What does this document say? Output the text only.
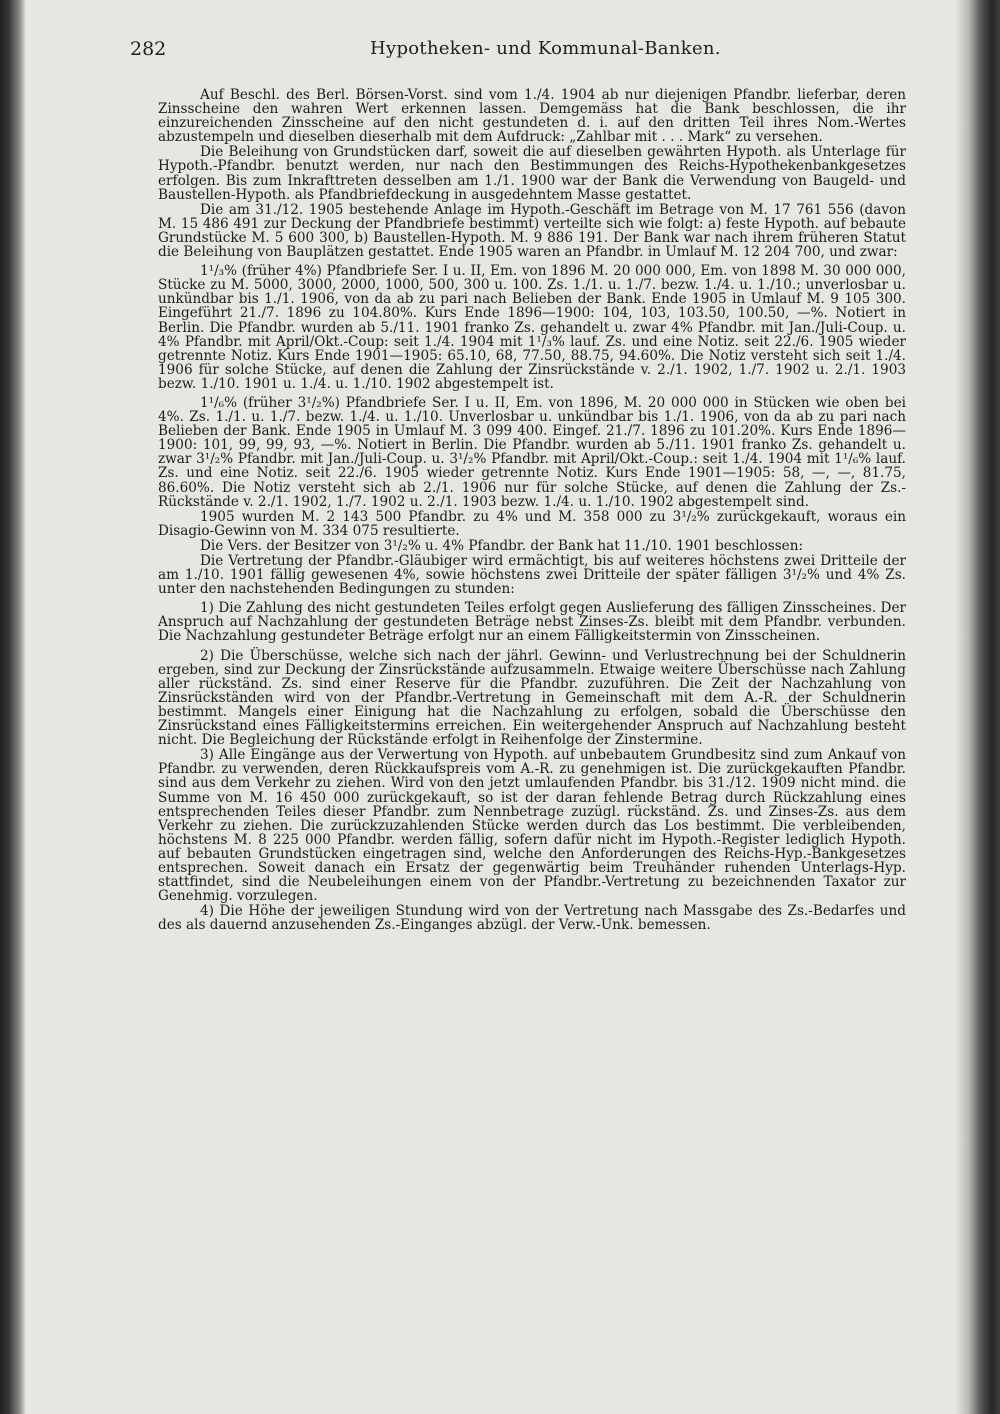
282	Hypotheken- und Kommunal-Banken.

Auf Beschl. des Berl. Börsen-Vorst. sind vom 1./4. 1904 ab nur diejenigen Pfandbr. lieferbar, deren Zinsscheine den wahren Wert erkennen lassen. Demgemäss hat die Bank beschlossen, die ihr einzureichenden Zinsscheine auf den nicht gestundeten d. i. auf den dritten Teil ihres Nom.-Wertes abzustempeln und dieselben dieserhalb mit dem Aufdruck: „Zahlbar mit . . . Mark“ zu versehen.

Die Beleihung von Grundstücken darf, soweit die auf dieselben gewährten Hypoth. als Unterlage für Hypoth.-Pfandbr. benutzt werden, nur nach den Bestimmungen des Reichs-Hypothekenbankgesetzes erfolgen. Bis zum Inkrafttreten desselben am 1./1. 1900 war der Bank die Verwendung von Baugeld- und Baustellen-Hypoth. als Pfandbriefdeckung in ausgedehntem Masse gestattet.

Die am 31./12. 1905 bestehende Anlage im Hypoth.-Geschäft im Betrage von M. 17 761 556 (davon M. 15 486 491 zur Deckung der Pfandbriefe bestimmt) verteilte sich wie folgt: a) feste Hypoth. auf bebaute Grundstücke M. 5 600 300, b) Baustellen-Hypoth. M. 9 886 191. Der Bank war nach ihrem früheren Statut die Beleihung von Bauplätzen gestattet. Ende 1905 waren an Pfandbr. in Umlauf M. 12 204 700, und zwar:

1¹/₃% (früher 4%) Pfandbriefe Ser. I u. II, Em. von 1896 M. 20 000 000, Em. von 1898 M. 30 000 000, Stücke zu M. 5000, 3000, 2000, 1000, 500, 300 u. 100. Zs. 1./1. u. 1./7. bezw. 1./4. u. 1./10.; unverlosbar u. unkündbar bis 1./1. 1906, von da ab zu pari nach Belieben der Bank. Ende 1905 in Umlauf M. 9 105 300. Eingeführt 21./7. 1896 zu 104.80%. Kurs Ende 1896—1900: 104, 103, 103.50, 100.50, —%. Notiert in Berlin. Die Pfandbr. wurden ab 5./11. 1901 franko Zs. gehandelt u. zwar 4% Pfandbr. mit Jan./Juli-Coup. u. 4% Pfandbr. mit April/Okt.-Coup: seit 1./4. 1904 mit 1¹/₃% lauf. Zs. und eine Notiz. seit 22./6. 1905 wieder getrennte Notiz. Kurs Ende 1901—1905: 65.10, 68, 77.50, 88.75, 94.60%. Die Notiz versteht sich seit 1./4. 1906 für solche Stücke, auf denen die Zahlung der Zinsrückstände v. 2./1. 1902, 1./7. 1902 u. 2./1. 1903 bezw. 1./10. 1901 u. 1./4. u. 1./10. 1902 abgestempelt ist.

1¹/₆% (früher 3¹/₂%) Pfandbriefe Ser. I u. II, Em. von 1896, M. 20 000 000 in Stücken wie oben bei 4%. Zs. 1./1. u. 1./7. bezw. 1./4. u. 1./10. Unverlosbar u. unkündbar bis 1./1. 1906, von da ab zu pari nach Belieben der Bank. Ende 1905 in Umlauf M. 3 099 400. Eingef. 21./7. 1896 zu 101.20%. Kurs Ende 1896—1900: 101, 99, 99, 93, —%. Notiert in Berlin. Die Pfandbr. wurden ab 5./11. 1901 franko Zs. gehandelt u. zwar 3¹/₂% Pfandbr. mit Jan./Juli-Coup. u. 3¹/₂% Pfandbr. mit April/Okt.-Coup.: seit 1./4. 1904 mit 1¹/₆% lauf. Zs. und eine Notiz. seit 22./6. 1905 wieder getrennte Notiz. Kurs Ende 1901—1905: 58, —, —, 81.75, 86.60%. Die Notiz versteht sich ab 2./1. 1906 nur für solche Stücke, auf denen die Zahlung der Zs.-Rückstände v. 2./1. 1902, 1./7. 1902 u. 2./1. 1903 bezw. 1./4. u. 1./10. 1902 abgestempelt sind.

1905 wurden M. 2 143 500 Pfandbr. zu 4% und M. 358 000 zu 3¹/₂% zurückgekauft, woraus ein Disagio-Gewinn von M. 334 075 resultierte.

Die Vers. der Besitzer von 3¹/₂% u. 4% Pfandbr. der Bank hat 11./10. 1901 beschlossen:

Die Vertretung der Pfandbr.-Gläubiger wird ermächtigt, bis auf weiteres höchstens zwei Dritteile der am 1./10. 1901 fällig gewesenen 4%, sowie höchstens zwei Dritteile der später fälligen 3¹/₂% und 4% Zs. unter den nachstehenden Bedingungen zu stunden:

1) Die Zahlung des nicht gestundeten Teiles erfolgt gegen Auslieferung des fälligen Zinsscheines. Der Anspruch auf Nachzahlung der gestundeten Beträge nebst Zinses-Zs. bleibt mit dem Pfandbr. verbunden. Die Nachzahlung gestundeter Beträge erfolgt nur an einem Fälligkeitstermin von Zinsscheinen.

2) Die Überschüsse, welche sich nach der jährl. Gewinn- und Verlustrechnung bei der Schuldnerin ergeben, sind zur Deckung der Zinsrückstände aufzusammeln. Etwaige weitere Überschüsse nach Zahlung aller rückständ. Zs. sind einer Reserve für die Pfandbr. zuzuführen. Die Zeit der Nachzahlung von Zinsrückständen wird von der Pfandbr.-Vertretung in Gemeinschaft mit dem A.-R. der Schuldnerin bestimmt. Mangels einer Einigung hat die Nachzahlung zu erfolgen, sobald die Überschüsse den Zinsrückstand eines Fälligkeitstermins erreichen. Ein weitergehender Anspruch auf Nachzahlung besteht nicht. Die Begleichung der Rückstände erfolgt in Reihenfolge der Zinstermine.

3) Alle Eingänge aus der Verwertung von Hypoth. auf unbebautem Grundbesitz sind zum Ankauf von Pfandbr. zu verwenden, deren Rückkaufspreis vom A.-R. zu genehmigen ist. Die zurückgekauften Pfandbr. sind aus dem Verkehr zu ziehen. Wird von den jetzt umlaufenden Pfandbr. bis 31./12. 1909 nicht mind. die Summe von M. 16 450 000 zurückgekauft, so ist der daran fehlende Betrag durch Rückzahlung eines entsprechenden Teiles dieser Pfandbr. zum Nennbetrage zuzügl. rückständ. Zs. und Zinses-Zs. aus dem Verkehr zu ziehen. Die zurückzuzahlenden Stücke werden durch das Los bestimmt. Die verbleibenden, höchstens M. 8 225 000 Pfandbr. werden fällig, sofern dafür nicht im Hypoth.-Register lediglich Hypoth. auf bebauten Grundstücken eingetragen sind, welche den Anforderungen des Reichs-Hyp.-Bankgesetzes entsprechen. Soweit danach ein Ersatz der gegenwärtig beim Treuhänder ruhenden Unterlags-Hyp. stattfindet, sind die Neubeleihungen einem von der Pfandbr.-Vertretung zu bezeichnenden Taxator zur Genehmig. vorzulegen.

4) Die Höhe der jeweiligen Stundung wird von der Vertretung nach Massgabe des Zs.-Bedarfes und des als dauernd anzusehenden Zs.-Einganges abzügl. der Verw.-Unk. bemessen.
